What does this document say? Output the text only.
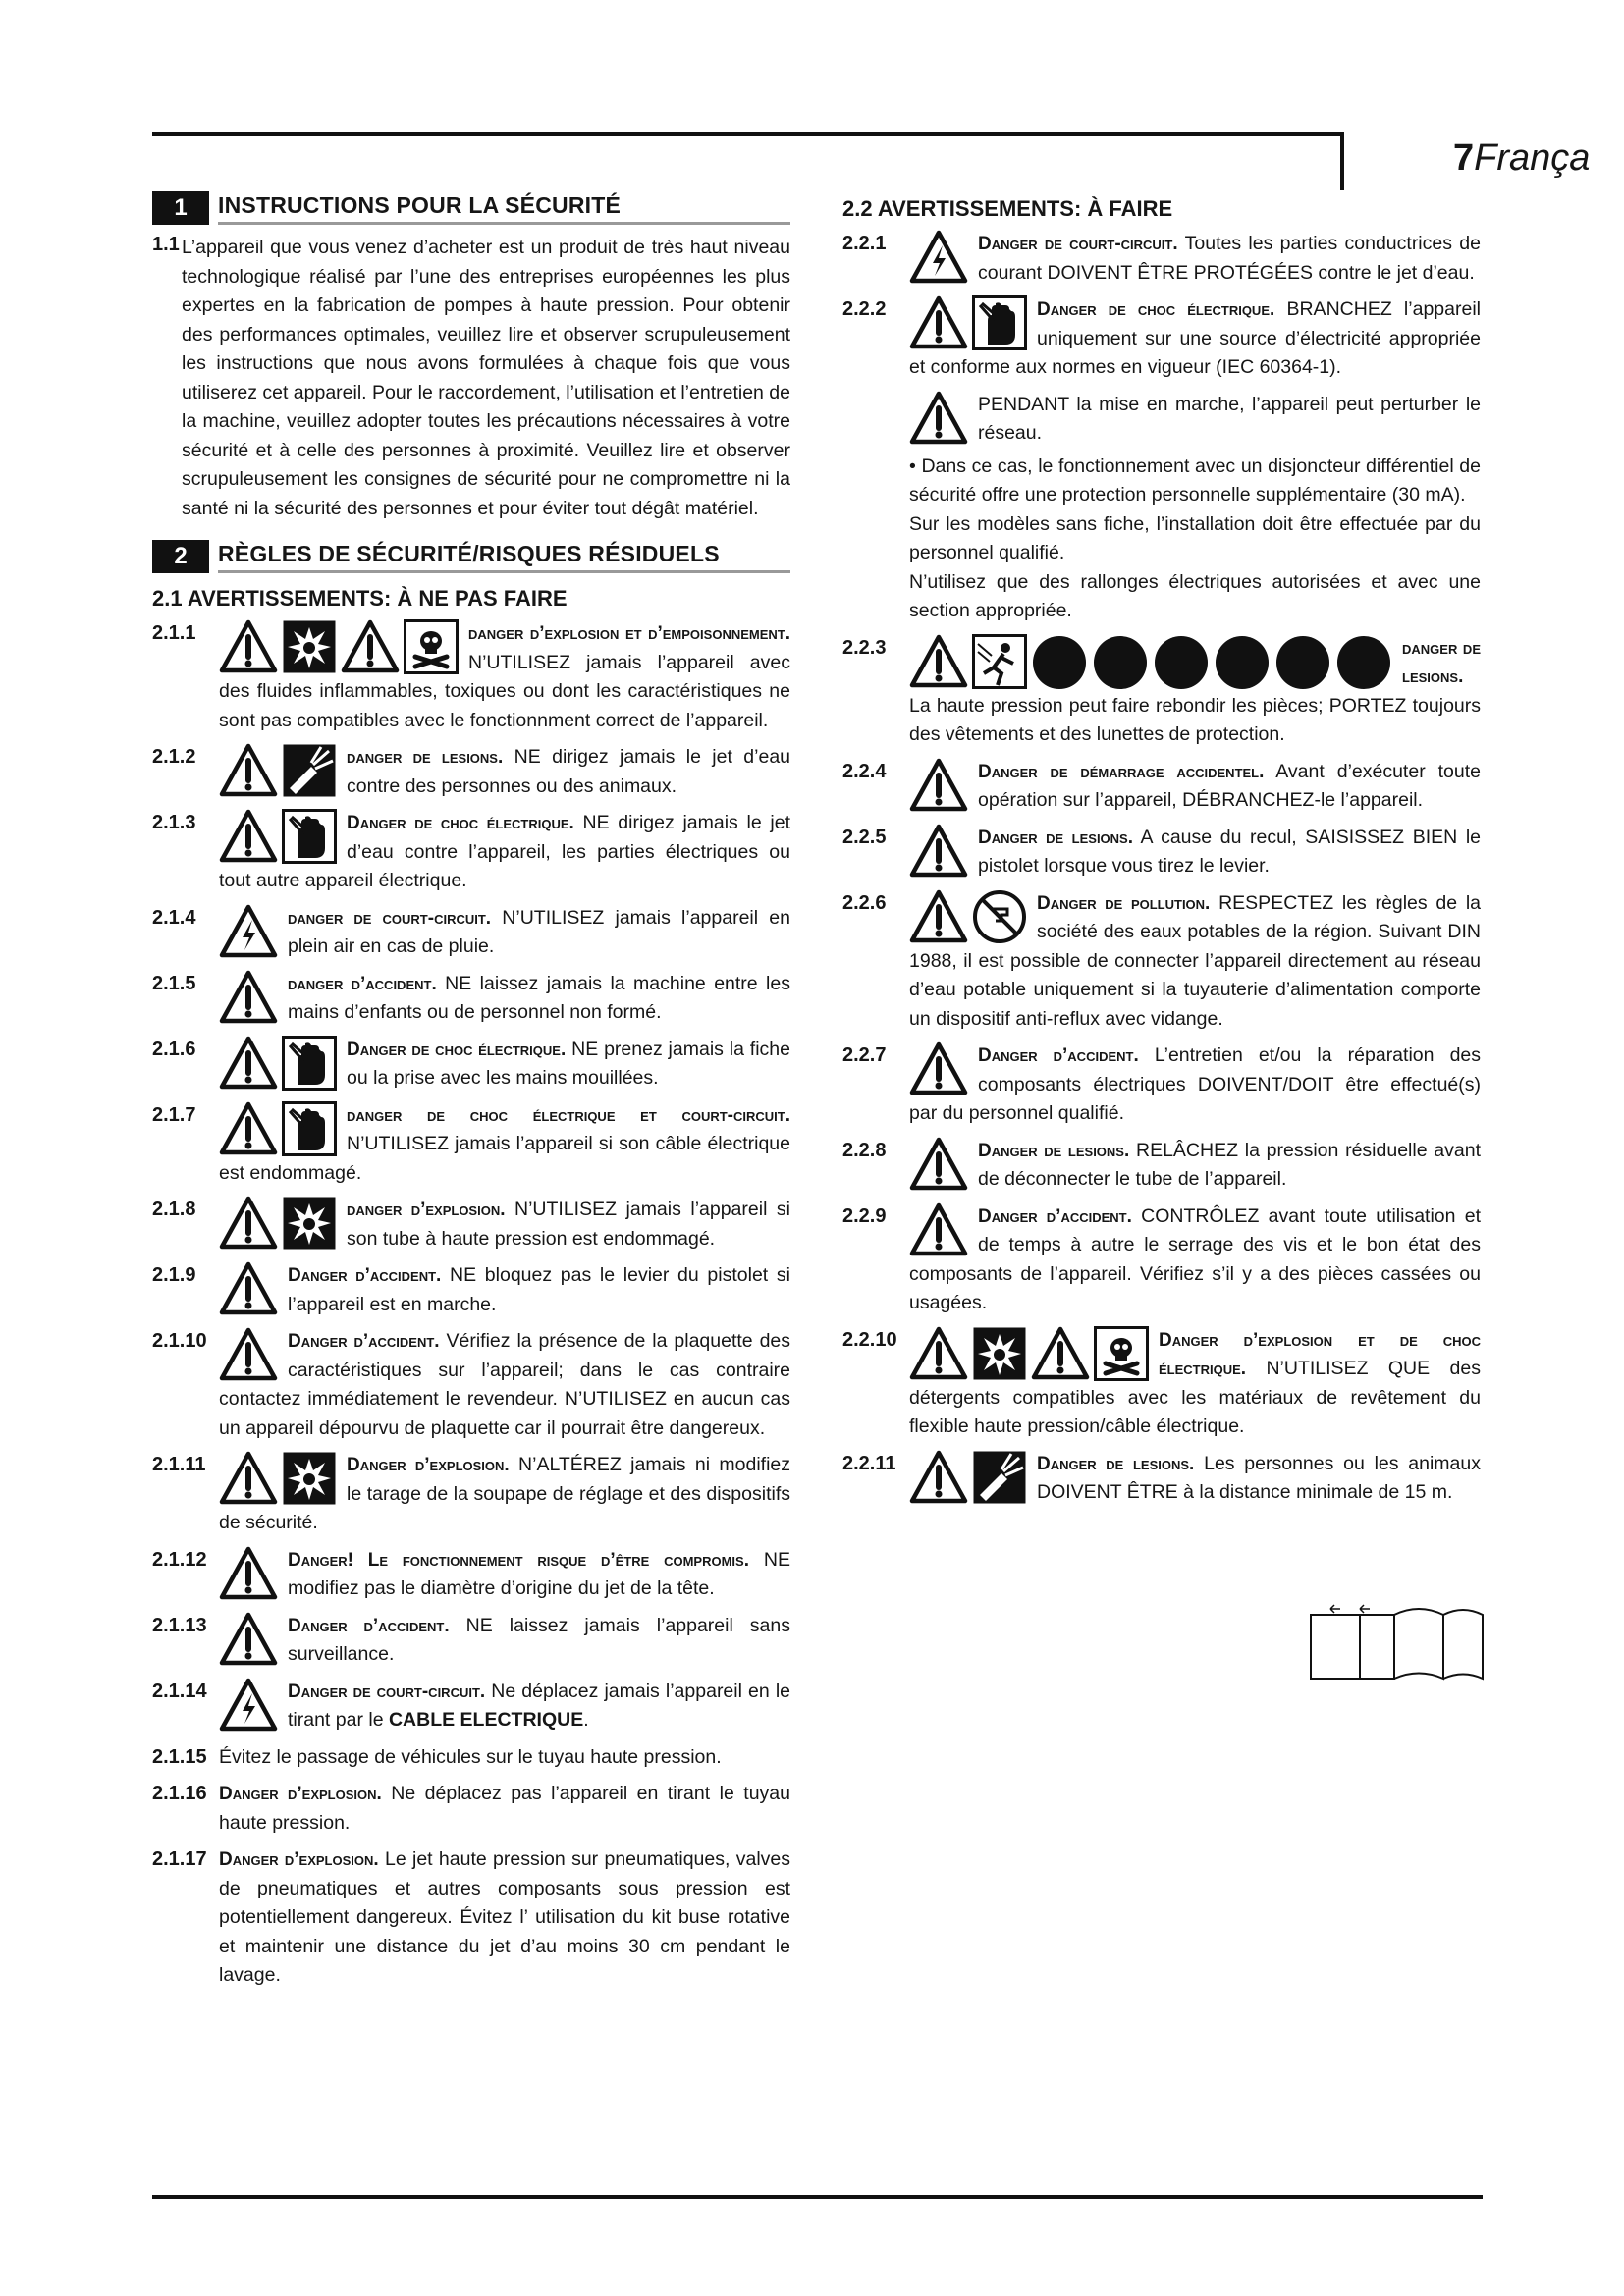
7França
1	INSTRUCTIONS POUR LA SÉCURITÉ
1.1 L’appareil que vous venez d’acheter est un produit de très haut niveau technologique réalisé par l’une des entreprises européennes les plus expertes en la fabrication de pompes à haute pression. Pour obtenir des performances optimales, veuillez lire et observer scrupuleusement les instructions que nous avons formulées à chaque fois que vous utiliserez cet appareil. Pour le raccordement, l’utilisation et l’entretien de la machine, veuillez adopter toutes les précautions nécessaires à votre sécurité et à celle des personnes à proximité. Veuillez lire et observer scrupuleusement les consignes de sécurité pour ne compromettre ni la santé ni la sécurité des personnes et pour éviter tout dégât matériel.

2	RÈGLES DE SÉCURITÉ/RISQUES RÉSIDUELS
2.1 AVERTISSEMENTS: À NE PAS FAIRE
2.1.1	danger d’explosion et d’empoisonnement. N’UTILISEZ jamais l’appareil avec des fluides inflammables, toxiques ou dont les caractéristiques ne sont pas compatibles avec le fonctionnment correct de l’appareil.

2.1.2	danger de lesions. NE dirigez jamais le jet d’eau contre des personnes ou des animaux.

2.1.3	Danger de choc électrique. NE dirigez jamais le jet d’eau contre l’appareil, les parties électriques ou tout autre appareil électrique.

2.1.4	danger de court-circuit. N’UTILISEZ jamais l’appareil en plein air en cas de pluie.

2.1.5	danger d’accident. NE laissez jamais la machine entre les mains d’enfants ou de personnel non formé.

2.1.6	Danger de choc électrique. NE prenez jamais la fiche ou la prise avec les mains mouillées.

2.1.7	danger de choc électrique et court-circuit. N’UTILISEZ jamais l’appareil si son câble électrique est endommagé.

2.1.8	danger d’explosion. N’UTILISEZ jamais l’appareil si son tube à haute pression est endommagé.

2.1.9	Danger d’accident. NE bloquez pas le levier du pistolet si l’appareil est en marche.

2.1.10	Danger d’accident. Vérifiez la présence de la plaquette des caractéristiques sur l’appareil; dans le cas contraire contactez immédiatement le revendeur. N’UTILISEZ en aucun cas un appareil dépourvu de plaquette car il pourrait être dangereux.

2.1.11	Danger d’explosion. N’ALTÉREZ jamais ni modifiez le tarage de la soupape de réglage et des dispositifs de sécurité.

2.1.12	Danger! Le fonctionnement risque d’être compromis. NE modifiez pas le diamètre d’origine du jet de la tête.

2.1.13	Danger d’accident. NE laissez jamais l’appareil sans surveillance.

2.1.14	Danger de court-circuit. Ne déplacez jamais l’appareil en le tirant par le CABLE ELECTRIQUE.

2.1.15 Évitez le passage de véhicules sur le tuyau haute pression.

2.1.16 Danger d’explosion. Ne déplacez pas l’appareil en tirant le tuyau haute pression.

2.1.17 Danger d’explosion. Le jet haute pression sur pneumatiques, valves de pneumatiques et autres composants sous pression est potentiellement dangereux. Évitez l’ utilisation du kit buse rotative et maintenir une distance du jet d’au moins 30 cm pendant le lavage.

2.2 AVERTISSEMENTS: À FAIRE
2.2.1	Danger de court-circuit. Toutes les parties conductrices de courant DOIVENT ÊTRE PROTÉGÉES contre le jet d’eau.

2.2.2	Danger de choc électrique. BRANCHEZ l’appareil uniquement sur une source d’électricité appropriée et conforme aux normes en vigueur (IEC 60364-1).

PENDANT la mise en marche, l’appareil peut perturber le réseau.

• Dans ce cas, le fonctionnement avec un disjoncteur différentiel de sécurité offre une protection personnelle supplémentaire (30 mA).

Sur les modèles sans fiche, l’installation doit être effectuée par du personnel qualifié.

N’utilisez que des rallonges électriques autorisées et avec une section appropriée.

2.2.3	danger de lesions. La haute pression peut faire rebondir les pièces; PORTEZ toujours des vêtements et des lunettes de protection.

2.2.4	Danger de démarrage accidentel. Avant d’exécuter toute opération sur l’appareil, DÉBRANCHEZ-le l’appareil.

2.2.5	Danger de lesions. A cause du recul, SAISISSEZ BIEN le pistolet lorsque vous tirez le levier.

2.2.6	Danger de pollution. RESPECTEZ les règles de la société des eaux potables de la région. Suivant DIN 1988, il est possible de connecter l’appareil directement au réseau d’eau potable uniquement si la tuyauterie d’alimentation comporte un dispositif anti-reflux avec vidange.

2.2.7	Danger d’accident. L’entretien et/ou la réparation des composants électriques DOIVENT/DOIT être effectué(s) par du personnel qualifié.

2.2.8	Danger de lesions. RELÂCHEZ la pression résiduelle avant de déconnecter le tube de l’appareil.

2.2.9	Danger d’accident. CONTRÔLEZ avant toute utilisation et de temps à autre le serrage des vis et le bon état des composants de l’appareil. Vérifiez s’il y a des pièces cassées ou usagées.

2.2.10	Danger d’explosion et de choc électrique. N’UTILISEZ QUE des détergents compatibles avec les matériaux de revêtement du flexible haute pression/câble électrique.

2.2.11	Danger de lesions. Les personnes ou les animaux DOIVENT ÊTRE à la distance minimale de 15 m.
